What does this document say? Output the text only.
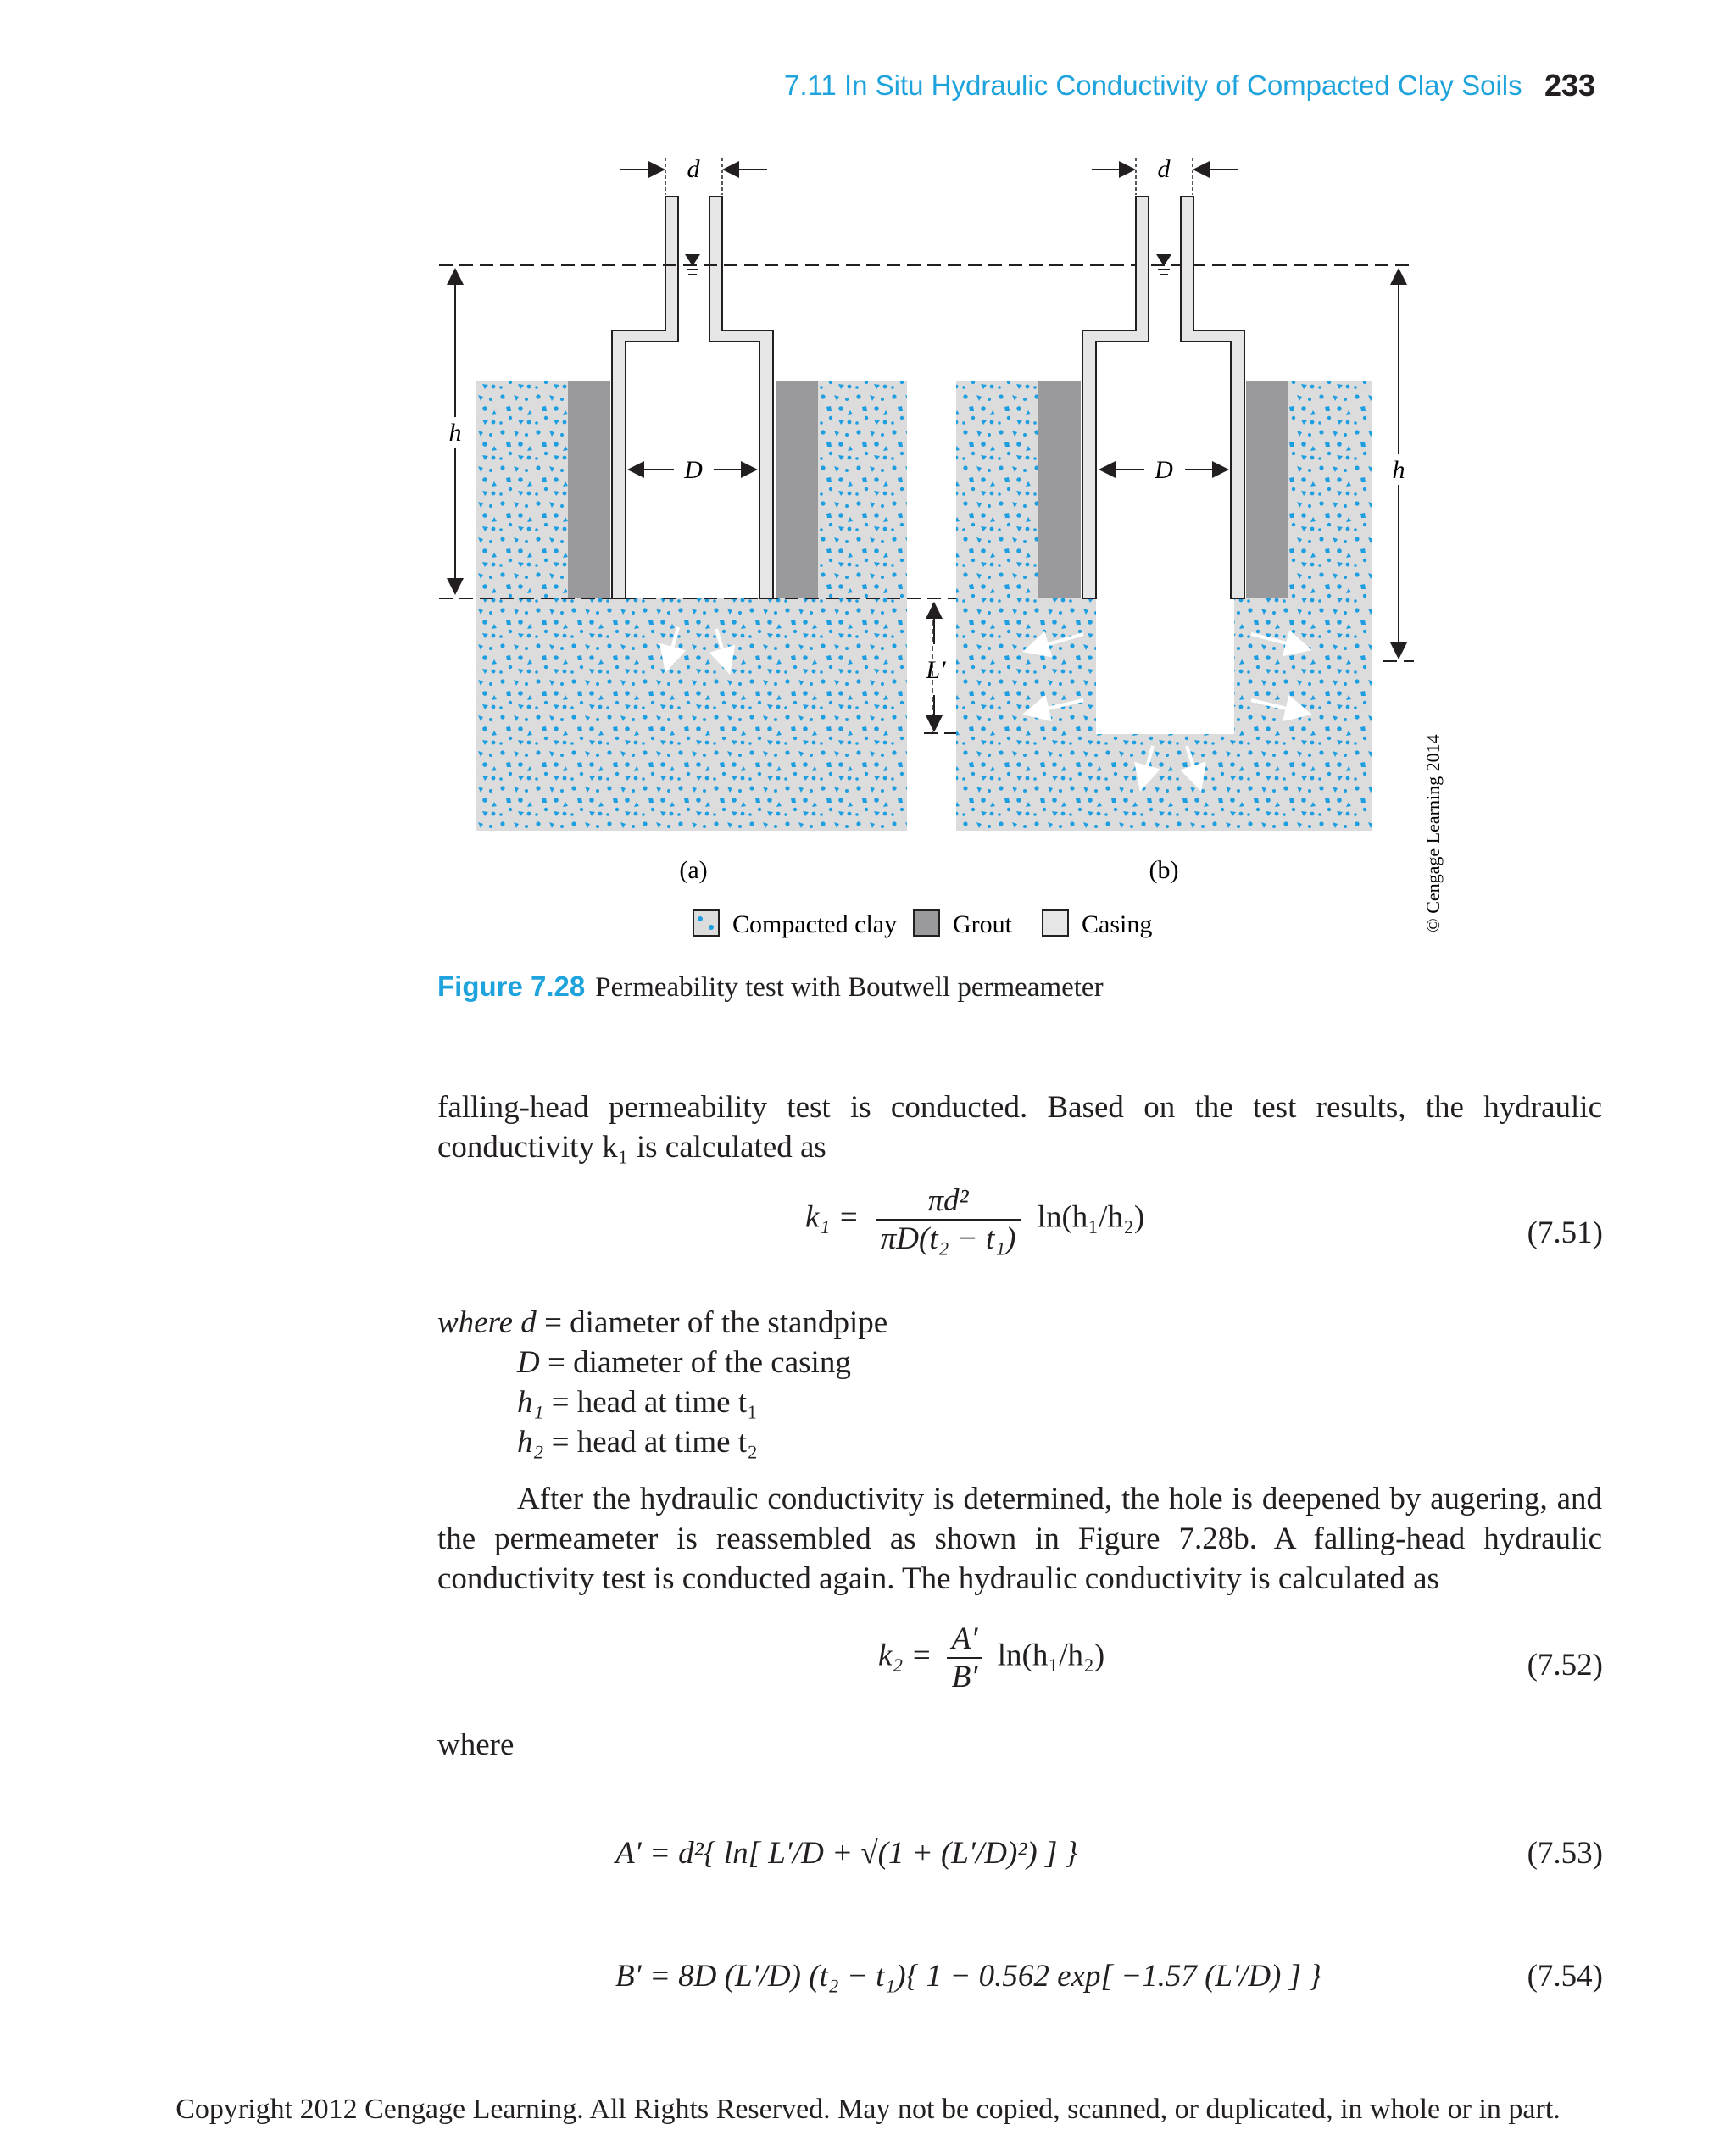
7.11 In Situ Hydraulic Conductivity of Compacted Clay Soils 233
d
D
h
L′
d
D	h
(a)	(b)
Compacted clay Grout	Casing	© Cengage Learning 2014
Figure 7.28 Permeability test with Boutwell permeameter
falling-head permeability test is conducted. Based on the test results, the hydraulic conductivity k₁ is calculated as
$k_1 = \frac{\text{πd²}}{\text{πD(t₂ − t₁)}} \ln(h_1/h_2)$	(7.51)
where d = diameter of the standpipe
D = diameter of the casing
h₁ = head at time t₁
h₂ = head at time t₂
After the hydraulic conductivity is determined, the hole is deepened by augering, and the permeameter is reassembled as shown in Figure 7.28b. A falling-head hydraulic conductivity test is conducted again. The hydraulic conductivity is calculated as
$k_2 = \frac{A'}{B'} \ln(h_1/h_2)$	(7.52)
where
A′ = d²{ ln[ L′/D + √(1 + (L′/D)²) ] }	(7.53)
B′ = 8D (L′/D) (t₂ − t₁){ 1 − 0.562 exp[ −1.57 (L′/D) ] }	(7.54)
Copyright 2012 Cengage Learning. All Rights Reserved. May not be copied, scanned, or duplicated, in whole or in part.
